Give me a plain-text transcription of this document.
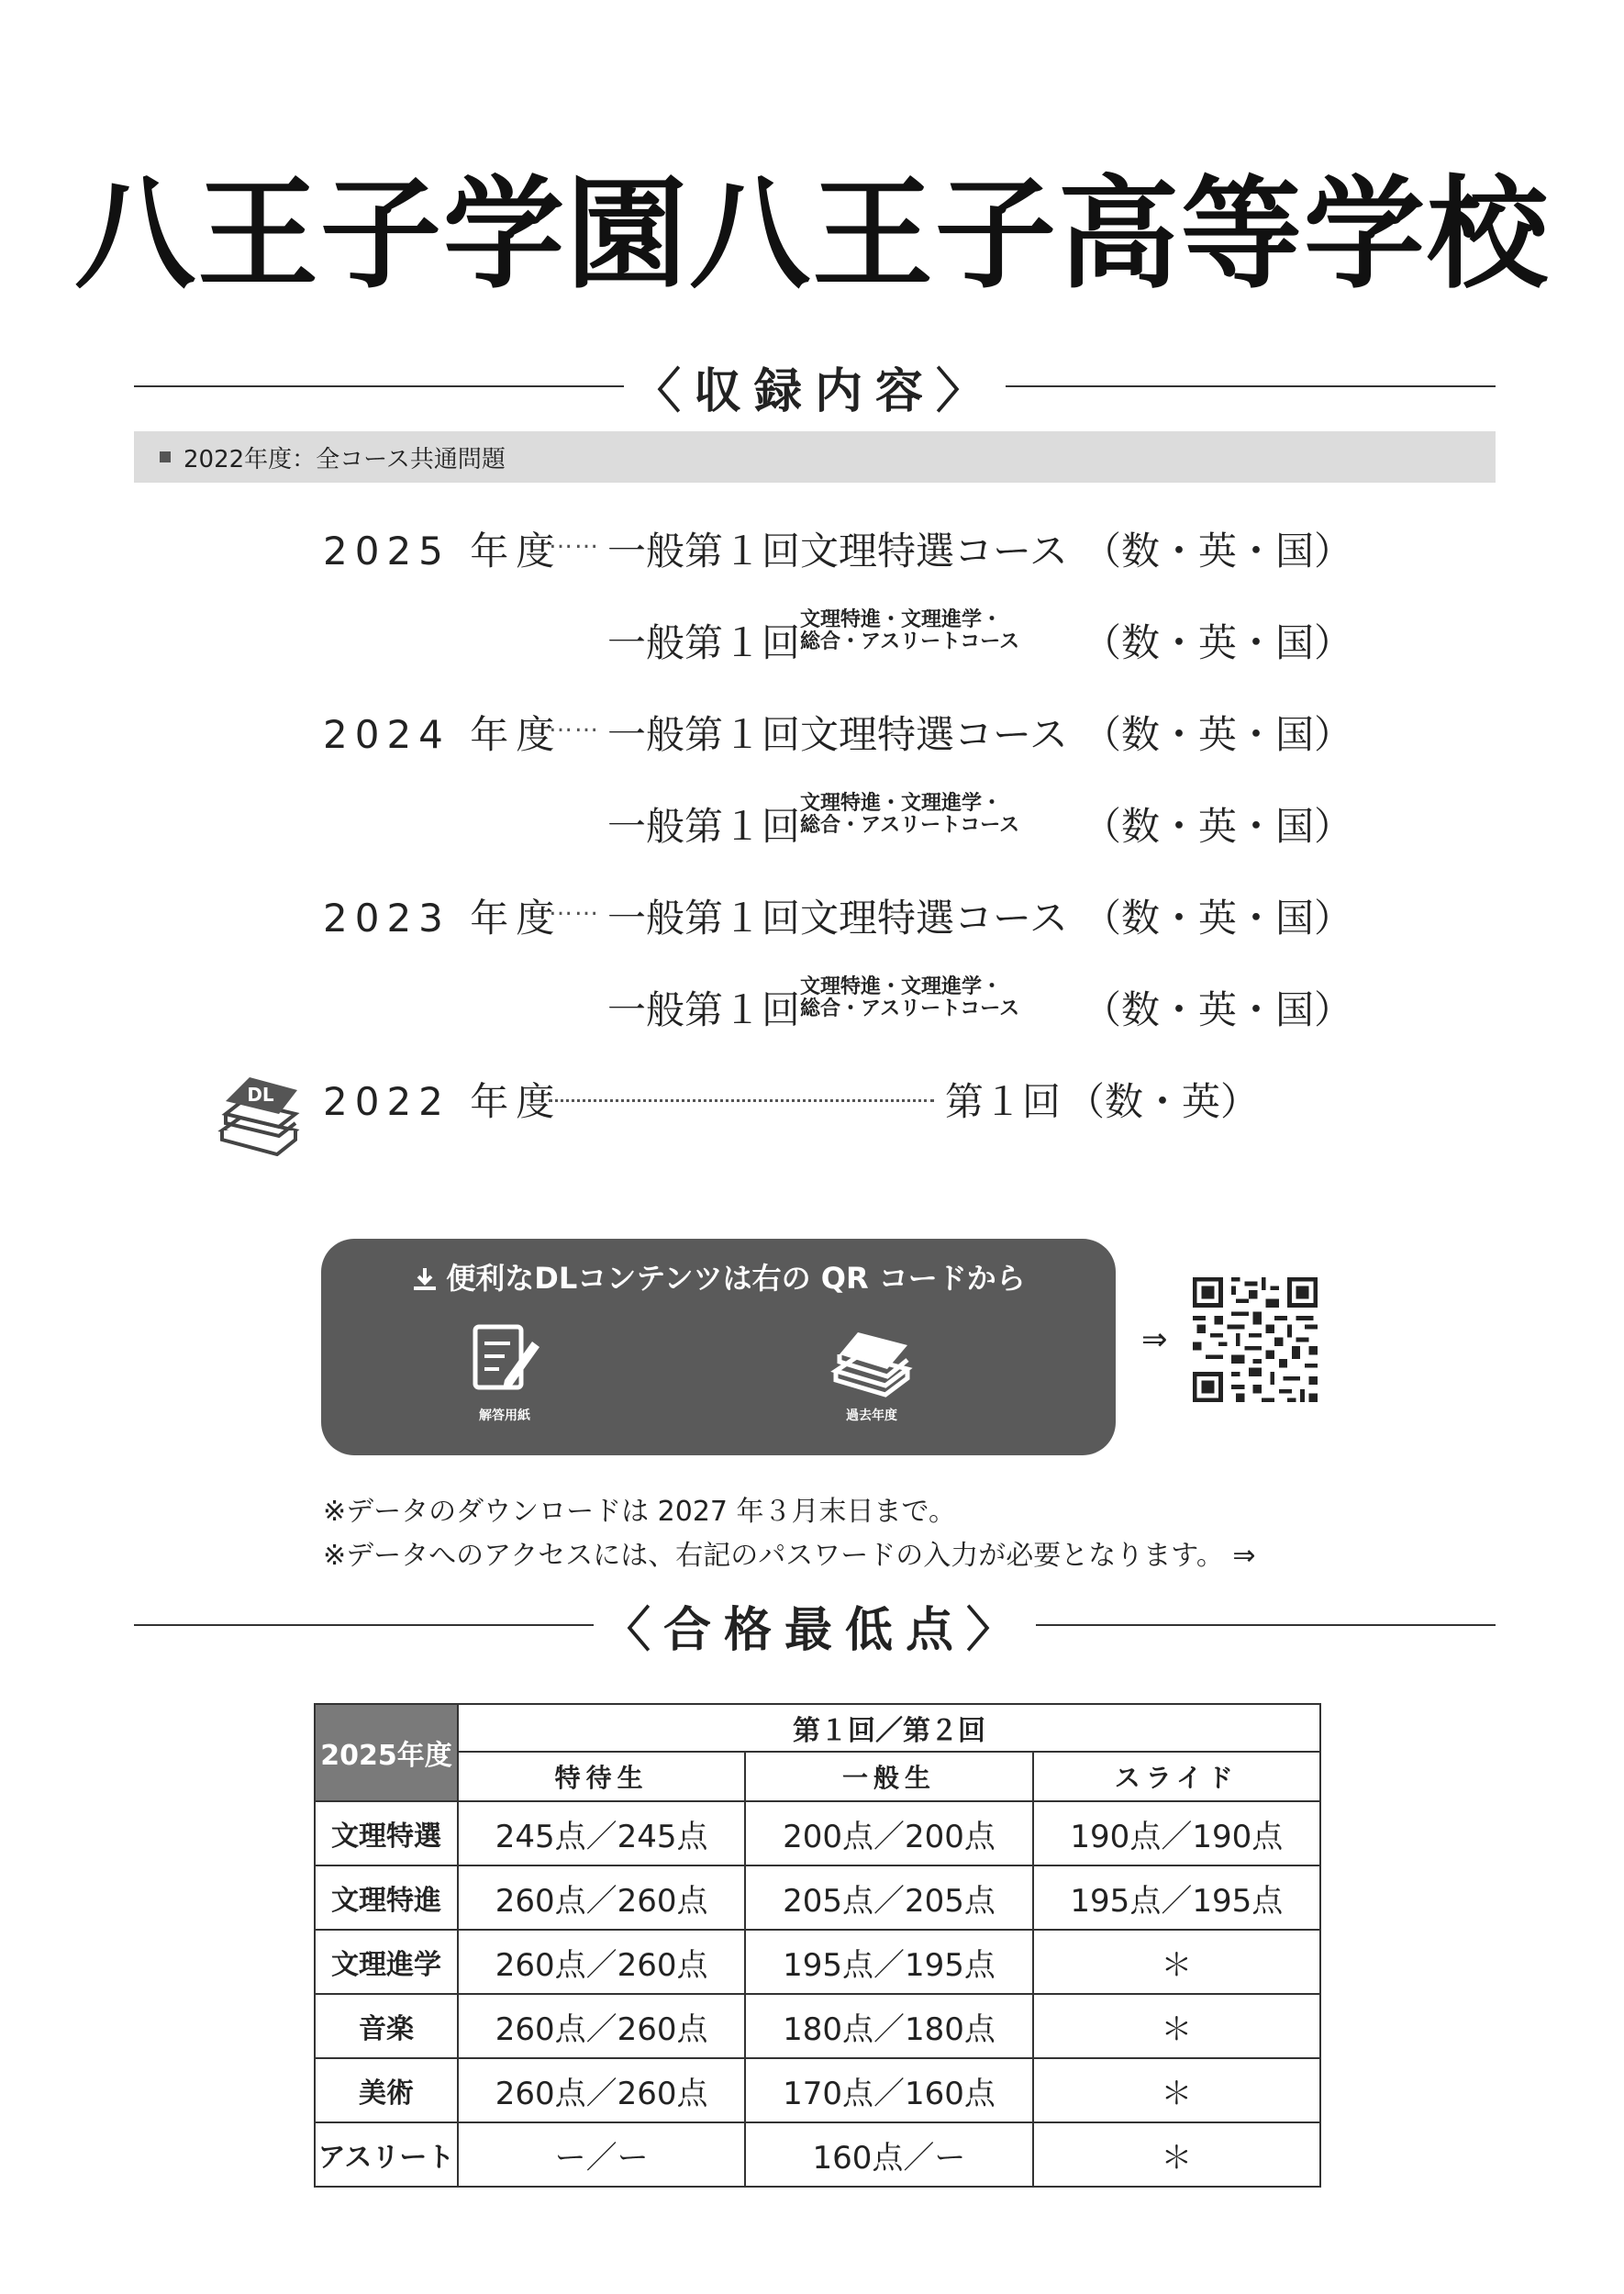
八王子学園八王子高等学校
〈収録内容〉
2022年度：全コース共通問題
2025 年度
…… 一般第１回文理特選コース （数・英・国）
一般第１回
文理特進・文理進学・
総合・アスリートコース （数・英・国）
2024 年度
…… 一般第１回文理特選コース （数・英・国）
一般第１回
文理特進・文理進学・
総合・アスリートコース （数・英・国）
2023 年度
…… 一般第１回文理特選コース （数・英・国）
一般第１回
文理特進・文理進学・
総合・アスリートコース （数・英・国）
DL 2022 年度	第１回 （数・英）
便利なDLコンテンツは右の QR コードから
解答用紙	過去年度
⇒
※データのダウンロードは 2027 年３月末日まで。
※データへのアクセスには、右記のパスワードの入力が必要となります。 ⇒
〈合格最低点〉
2025年度	第１回／第２回		
	特待生	一般生	スライド
文理特選	245点／245点	200点／200点	190点／190点
文理特進	260点／260点	205点／205点	195点／195点
文理進学	260点／260点	195点／195点	＊
音楽	260点／260点	180点／180点	＊
美術	260点／260点	170点／160点	＊
アスリート	ー／ー	160点／ー	＊
